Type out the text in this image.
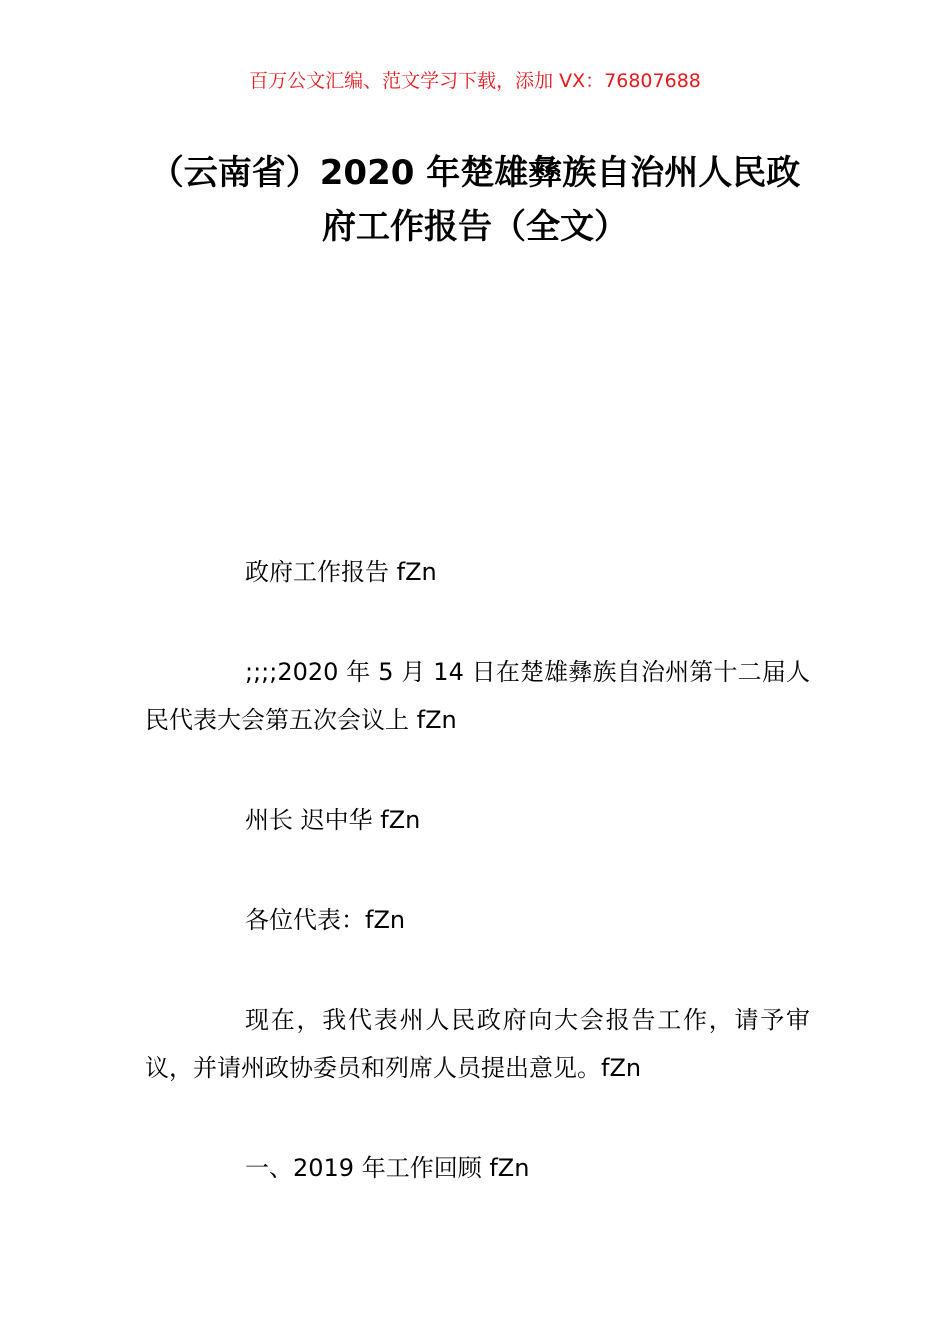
百万公文汇编、范文学习下载，添加 VX：76807688
（云南省）2020 年楚雄彝族自治州人民政
府工作报告（全文）

政府工作报告 fZn

;;;;2020 年 5 月 14 日在楚雄彝族自治州第十二届人民代表大会第五次会议上 fZn

州长 迟中华 fZn

各位代表：fZn

现在，我代表州人民政府向大会报告工作，请予审议，并请州政协委员和列席人员提出意见。fZn

一、2019 年工作回顾 fZn
